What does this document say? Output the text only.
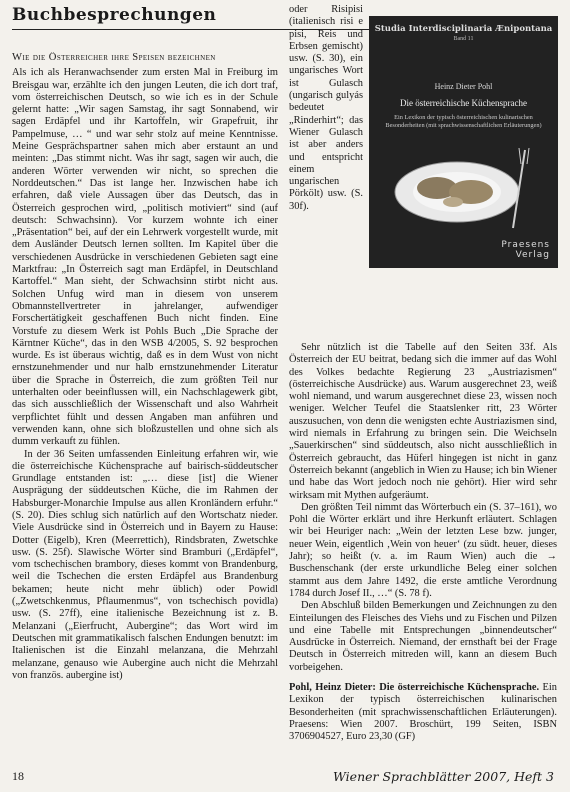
Buchbesprechungen
Wie die Österreicher ihre Speisen bezeichnen

Als ich als Heranwachsender zum ersten Mal in Freiburg im Breisgau war, erzählte ich den jungen Leuten, die ich dort traf, vom österreichischen Deutsch, so wie ich es in der Schule gelernt hatte: „Wir sagen Samstag, ihr sagt Sonnabend, wir sagen Erdäpfel und ihr Kartoffeln, wir Grapefruit, ihr Pampelmuse, … “ und war sehr stolz auf meine Kenntnisse. Meine Gesprächspartner sahen mich aber erstaunt an und meinten: „Das stimmt nicht. Was ihr sagt, sagen wir auch, die anderen Wörter verwenden wir nicht, so sprechen die Norddeutschen.“ Das ist lange her. Inzwischen habe ich erfahren, daß viele Aussagen über das Deutsch, das in Österreich gesprochen wird, „politisch motiviert“ sind (auf deutsch: Schwachsinn). Vor kurzem wohnte ich einer „Präsentation“ bei, auf der ein Lehrwerk vorgestellt wurde, mit dem Ausländer Deutsch lernen sollten. Im Kapitel über die verschiedenen Ausdrücke in verschiedenen Gebieten sagt eine Marktfrau: „In Österreich sagt man Erdäpfel, in Deutschland Kartoffel.“ Man sieht, der Schwachsinn stirbt nicht aus. Solchen Unfug wird man in diesem von unserem Obmannstellvertreter in jahrelanger, aufwendiger Forschertätigkeit geschaffenen Buch nicht finden. Eine Vorstufe zu diesem Werk ist Pohls Buch „Die Sprache der Kärntner Küche“, das in den WSB 4/2005, S. 92 besprochen wurde. Es ist überaus wichtig, daß es in dem Wust von nicht ernstzunehmender und nur halb ernstzunehmender Literatur über die Sprache in Österreich, die zum größten Teil nur unterhalten oder beeinflussen will, ein Nachschlagewerk gibt, das sich ausschließlich der Wissenschaft und also Wahrheit verpflichtet fühlt und dessen Angaben man anführen und verwenden kann, ohne sich bloßzustellen und ohne sich als dumm verkauft zu fühlen.

In der 36 Seiten umfassenden Einleitung erfahren wir, wie die österreichische Küchensprache auf bairisch-süddeutscher Grundlage entstanden ist: „… diese [ist] die Wiener Ausprägung der süddeutschen Küche, die im Rahmen der Habsburger-Monarchie Impulse aus allen Kronländern erfuhr.“ (S. 20). Dies schlug sich natürlich auf den Wortschatz nieder. Viele Ausdrücke sind in Österreich und in Bayern zu Hause: Dotter (Eigelb), Kren (Meerrettich), Rindsbraten, Zwetschke usw. (S. 25f). Slawische Wörter sind Bramburi („Erdäpfel“, vom tschechischen brambory, dieses kommt von Brandenburg, weil die Tschechen die ersten Erdäpfel aus Brandenburg bekamen; heute nicht mehr üblich) oder Powidl („Zwetschkenmus, Pflaumenmus“, von tschechisch povidla) usw. (S. 27ff), eine italienische Bezeichnung ist z. B. Melanzani („Eierfrucht, Aubergine“; das Wort wird im Deutschen mit grammatikalisch falschen Endungen benutzt: im Italienischen ist die Einzahl melanzana, die Mehrzahl melanzane, genauso wie Aubergine auch nicht die Mehrzahl von französ. aubergine ist)

Studia Interdisciplinaria Ænipontana
Band 11
Heinz Dieter Pohl
Die österreichische Küchensprache
Ein Lexikon der typisch österreichischen kulinarischen Besonderheiten (mit sprachwissenschaftlichen Erläuterungen)
Praesens
Verlag

oder Risipisi (italienisch risi e pisi, Reis und Erbsen gemischt) usw. (S. 30), ein ungarisches Wort ist Gulasch (ungarisch gulyás bedeutet „Rinderhirt“; das Wiener Gulasch ist aber anders und entspricht einem ungarischen Pörkölt) usw. (S. 30f).

Sehr nützlich ist die Tabelle auf den Seiten 33f. Als Österreich der EU beitrat, bedang sich die immer auf das Wohl des Volkes bedachte Regierung 23 „Austriazismen“ (österreichische Ausdrücke) aus. Warum ausgerechnet 23, weiß wohl niemand, und warum ausgerechnet diese 23, wissen noch weniger. Welcher Teufel die Staatslenker ritt, 23 Wörter auszusuchen, von denn die wenigsten echte Austriazismen sind, wird niemals in Erfahrung zu bringen sein. Die Weichseln „Sauerkirschen“ sind süddeutsch, also nicht ausschließlich in Österreich gebraucht, das Hüferl hingegen ist nicht in ganz Österreich bekannt (angeblich in Wien zu Hause; ich bin Wiener und habe das Wort jedoch noch nie gehört). Hier wird sehr wirksam mit Mythen aufgeräumt.

Den größten Teil nimmt das Wörterbuch ein (S. 37–161), wo Pohl die Wörter erklärt und ihre Herkunft erläutert. Schlagen wir bei Heuriger nach: „Wein der letzten Lese bzw. junger, neuer Wein, eigentlich ‚Wein von heuer‘ (zu südt. heuer, dieses Jahr); so heißt (v. a. im Raum Wien) auch die → Buschenschank (der erste urkundliche Beleg einer solchen stammt aus dem Jahre 1492, die erste amtliche Verordnung 1784 durch Josef II., …“ (S. 78 f).

Den Abschluß bilden Bemerkungen und Zeichnungen zu den Einteilungen des Fleisches des Viehs und zu Fischen und Pilzen und eine Tabelle mit Entsprechungen „binnendeutscher“ Ausdrücke in Österreich. Niemand, der ernsthaft bei der Frage Deutsch in Österreich mitreden will, kann an diesem Buch vorbeigehen.

Pohl, Heinz Dieter: Die österreichische Küchensprache. Ein Lexikon der typisch österreichischen kulinarischen Besonderheiten (mit sprachwissenschaftlichen Erläuterungen). Praesens: Wien 2007. Broschürt, 199 Seiten, ISBN 3706904527, Euro 23,30 (GF)
18	Wiener Sprachblätter 2007, Heft 3
